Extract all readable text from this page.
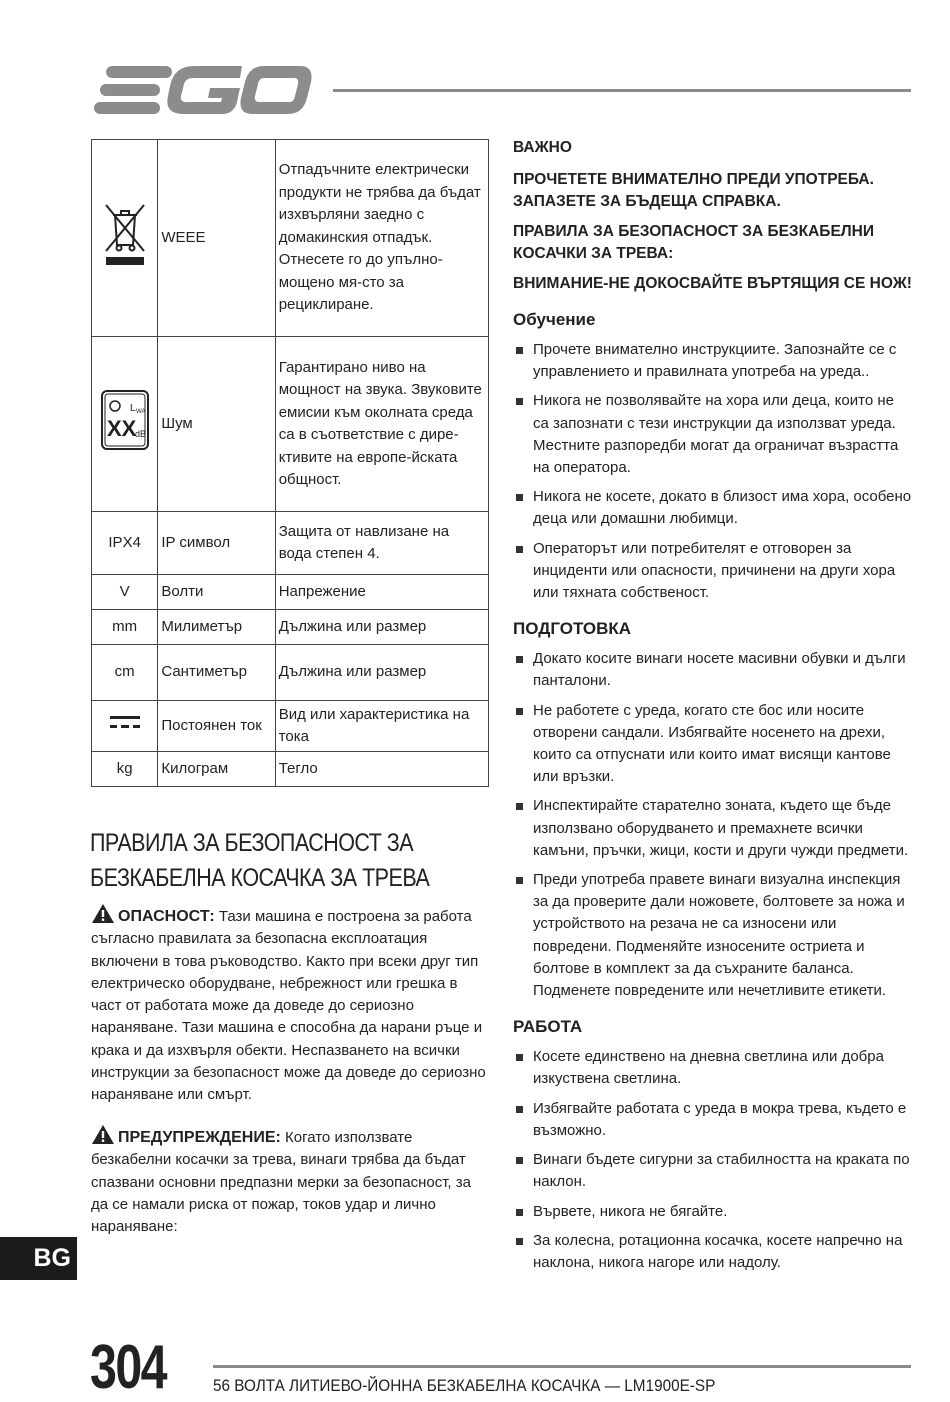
	WEEE	Отпадъчните електрически продукти не трябва да бъдат изхвърляни заедно с домакинския отпадък. Отнесете го до упълно-мощено мя-сто за рециклиране.

L WA
XX
dB	Шум	Гарантирано ниво на мощност на звука. Звуковите емисии към околната среда са в съответствие с дире-ктивите на европе-йската общност.
IPX4	IP символ	Защита от навлизане на вода степен 4.
V	Волти	Напрежение
mm	Милиметър	Дължина или размер
cm	Сантиметър	Дължина или размер
	Постоянен ток	Вид или характеристика на тока
kg	Килограм	Тегло
ПРАВИЛА ЗА БЕЗОПАСНОСТ ЗА
БЕЗКАБЕЛНА КОСАЧКА ЗА ТРЕВА
ОПАСНОСТ: Тази машина е построена за работа съгласно правилата за безопасна експлоатация включени в това ръководство. Както при всеки друг тип електрическо оборудване, небрежност или грешка в част от работата може да доведе до сериозно нараняване. Тази машина е способна да нарани ръце и крака и да изхвърля обекти. Неспазването на всички инструкции за безопасност може да доведе до сериозно нараняване или смърт.
ПРЕДУПРЕЖДЕНИЕ: Когато използвате безкабелни косачки за трева, винаги трябва да бъдат спазвани основни предпазни мерки за безопасност, за да се намали риска от пожар, токов удар и лично нараняване:
ВАЖНО
ПРОЧЕТЕТЕ ВНИМАТЕЛНО ПРЕДИ УПОТРЕБА. ЗАПАЗЕТЕ ЗА БЪДЕЩА СПРАВКА.
ПРАВИЛА ЗА БЕЗОПАСНОСТ ЗА БЕЗКАБЕЛНИ КОСАЧКИ ЗА ТРЕВА:
ВНИМАНИЕ-НЕ ДОКОСВАЙТЕ ВЪРТЯЩИЯ СЕ НОЖ!
Обучение
Прочете внимателно инструкциите. Запознайте се с управлението и правилната употреба на уреда..
Никога не позволявайте на хора или деца, които не са запознати с тези инструкции да използват уреда. Местните разпоредби могат да ограничат възрастта на оператора.
Никога не косете, докато в близост има хора, особено деца или домашни любимци.
Операторът или потребителят е отговорен за инциденти или опасности, причинени на други хора или тяхната собственост.
ПОДГОТОВКА
Докато косите винаги носете масивни обувки и дълги панталони.
Не работете с уреда, когато сте бос или носите отворени сандали. Избягвайте носенето на дрехи, които са отпуснати или които имат висящи кантове или връзки.
Инспектирайте старателно зоната, където ще бъде използвано оборудването и премахнете всички камъни, пръчки, жици, кости и други чужди предмети.
Преди употреба правете винаги визуална инспекция за да проверите дали ножовете, болтовете за ножа и устройството на резача не са износени или повредени. Подменяйте износените остриета и болтове в комплект за да съхраните баланса. Подменете повредените или нечетливите етикети.
РАБОТА
Косете единствено на дневна светлина или добра изкуствена светлина.
Избягвайте работата с уреда в мокра трева, където е възможно.
Винаги бъдете сигурни за стабилността на краката по наклон.
Вървете, никога не бягайте.
За колесна, ротационна косачка, косете напречно на наклона, никога нагоре или надолу.
BG
304	56 ВОЛТА ЛИТИЕВО-ЙОННА БЕЗКАБЕЛНА КОСАЧКА — LM1900E-SP
